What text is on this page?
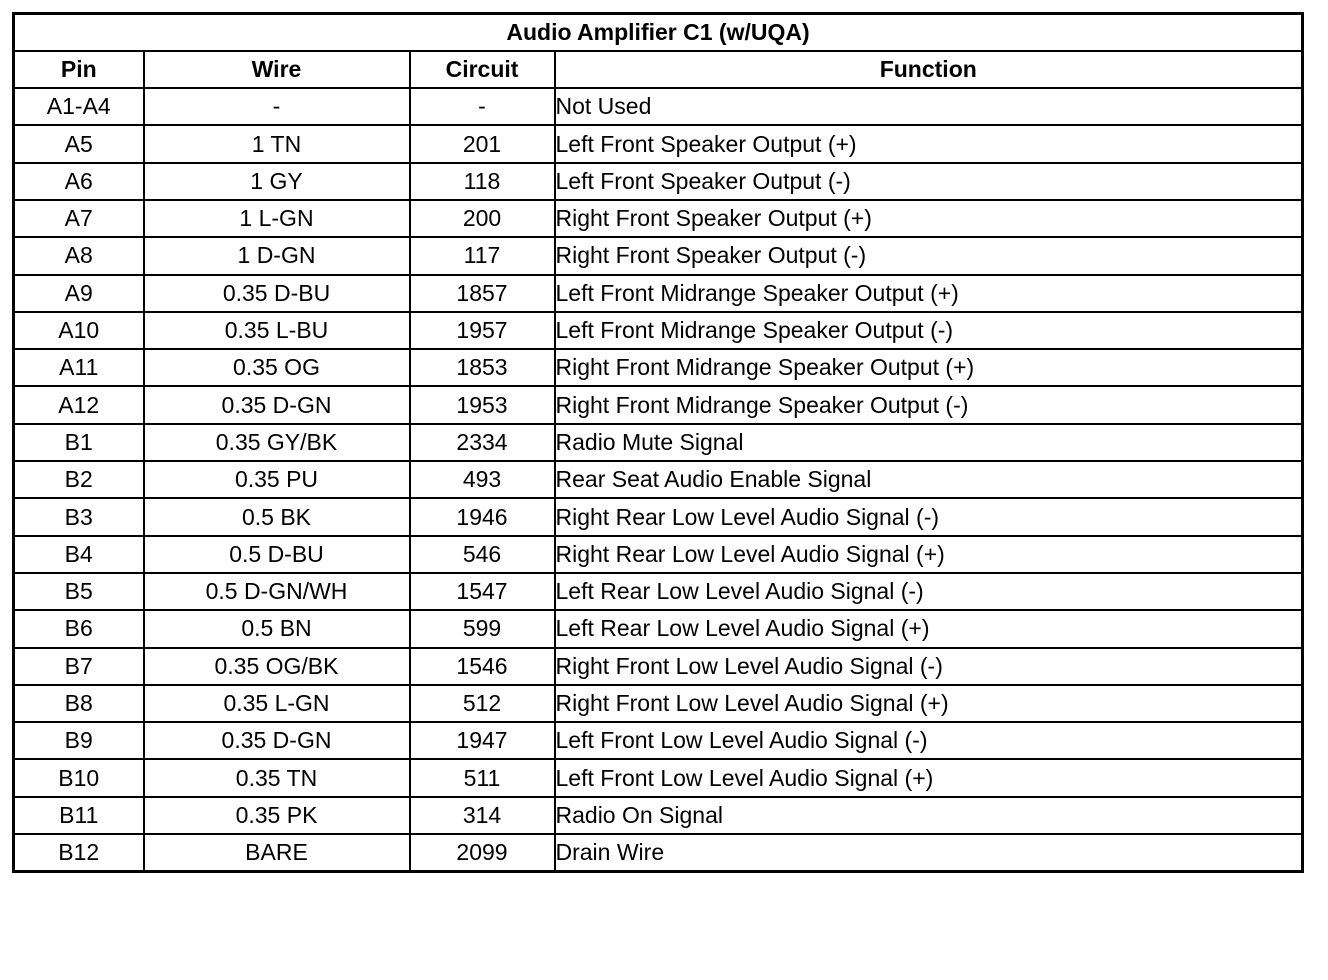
Audio Amplifier C1 (w/UQA)			
Pin	Wire	Circuit	Function
A1-A4	-	-	Not Used
A5	1 TN	201	Left Front Speaker Output (+)
A6	1 GY	118	Left Front Speaker Output (-)
A7	1 L-GN	200	Right Front Speaker Output (+)
A8	1 D-GN	117	Right Front Speaker Output (-)
A9	0.35 D-BU	1857	Left Front Midrange Speaker Output (+)
A10	0.35 L-BU	1957	Left Front Midrange Speaker Output (-)
A11	0.35 OG	1853	Right Front Midrange Speaker Output (+)
A12	0.35 D-GN	1953	Right Front Midrange Speaker Output (-)
B1	0.35 GY/BK	2334	Radio Mute Signal
B2	0.35 PU	493	Rear Seat Audio Enable Signal
B3	0.5 BK	1946	Right Rear Low Level Audio Signal (-)
B4	0.5 D-BU	546	Right Rear Low Level Audio Signal (+)
B5	0.5 D-GN/WH	1547	Left Rear Low Level Audio Signal (-)
B6	0.5 BN	599	Left Rear Low Level Audio Signal (+)
B7	0.35 OG/BK	1546	Right Front Low Level Audio Signal (-)
B8	0.35 L-GN	512	Right Front Low Level Audio Signal (+)
B9	0.35 D-GN	1947	Left Front Low Level Audio Signal (-)
B10	0.35 TN	511	Left Front Low Level Audio Signal (+)
B11	0.35 PK	314	Radio On Signal
B12	BARE	2099	Drain Wire
